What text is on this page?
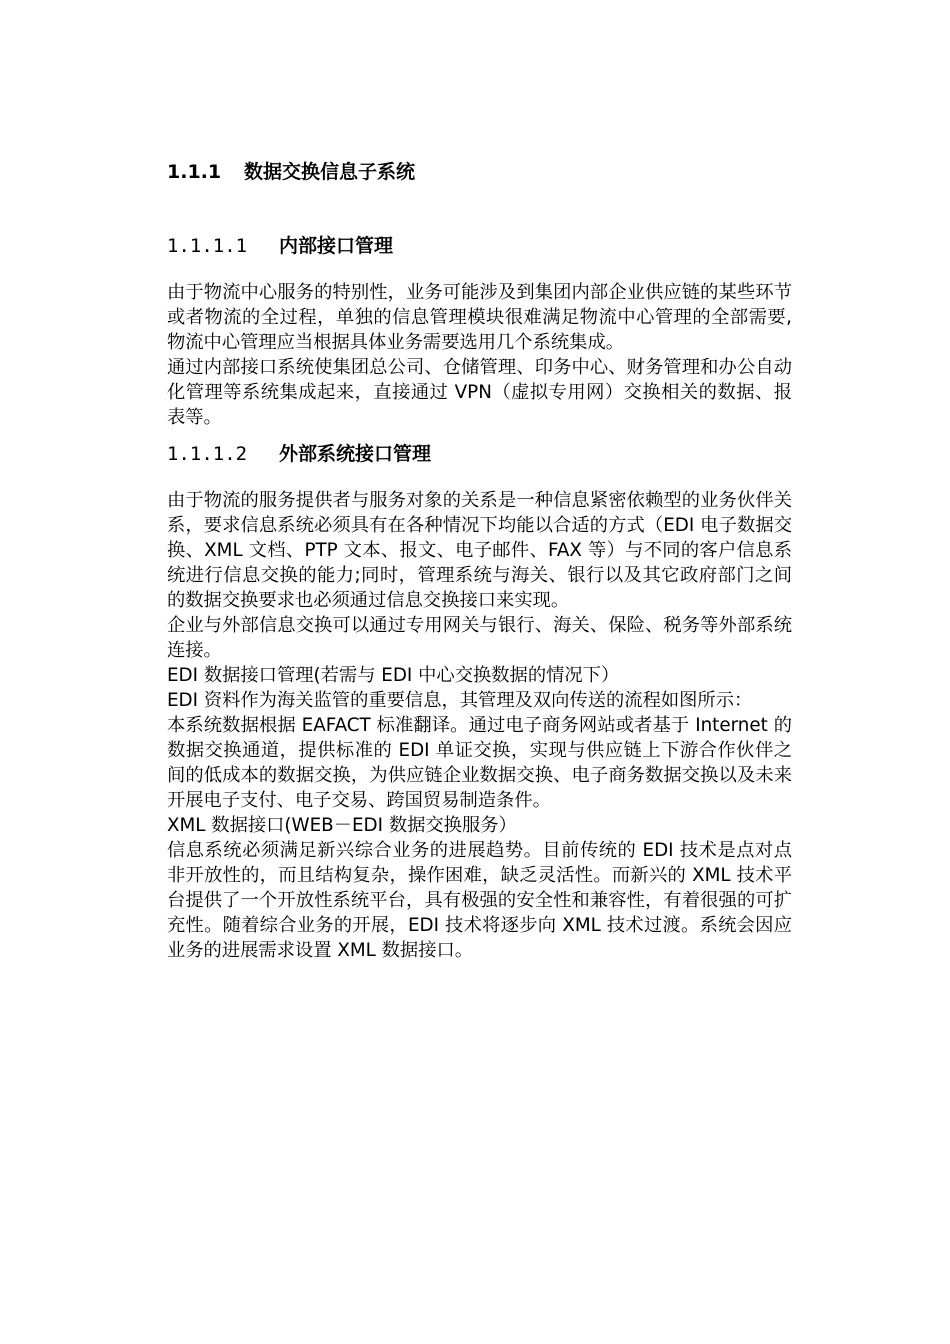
1.1.1 数据交换信息子系统
1.1.1.1 内部接口管理

由于物流中心服务的特别性，业务可能涉及到集团内部企业供应链的某些环节或者物流的全过程，单独的信息管理模块很难满足物流中心管理的全部需要,物流中心管理应当根据具体业务需要选用几个系统集成。

通过内部接口系统使集团总公司、仓储管理、印务中心、财务管理和办公自动化管理等系统集成起来，直接通过 VPN（虚拟专用网）交换相关的数据、报表等。

1.1.1.2 外部系统接口管理

由于物流的服务提供者与服务对象的关系是一种信息紧密依赖型的业务伙伴关系，要求信息系统必须具有在各种情况下均能以合适的方式（EDI 电子数据交换、XML 文档、PTP 文本、报文、电子邮件、FAX 等）与不同的客户信息系统进行信息交换的能力;同时，管理系统与海关、银行以及其它政府部门之间的数据交换要求也必须通过信息交换接口来实现。

企业与外部信息交换可以通过专用网关与银行、海关、保险、税务等外部系统连接。

EDI 数据接口管理(若需与 EDI 中心交换数据的情况下）

EDI 资料作为海关监管的重要信息，其管理及双向传送的流程如图所示：

本系统数据根据 EAFACT 标准翻译。通过电子商务网站或者基于 Internet 的数据交换通道，提供标准的 EDI 单证交换，实现与供应链上下游合作伙伴之间的低成本的数据交换，为供应链企业数据交换、电子商务数据交换以及未来开展电子支付、电子交易、跨国贸易制造条件。

XML 数据接口(WEB－EDI 数据交换服务）

信息系统必须满足新兴综合业务的进展趋势。目前传统的 EDI 技术是点对点非开放性的，而且结构复杂，操作困难，缺乏灵活性。而新兴的 XML 技术平台提供了一个开放性系统平台，具有极强的安全性和兼容性，有着很强的可扩充性。随着综合业务的开展，EDI 技术将逐步向 XML 技术过渡。系统会因应业务的进展需求设置 XML 数据接口。
